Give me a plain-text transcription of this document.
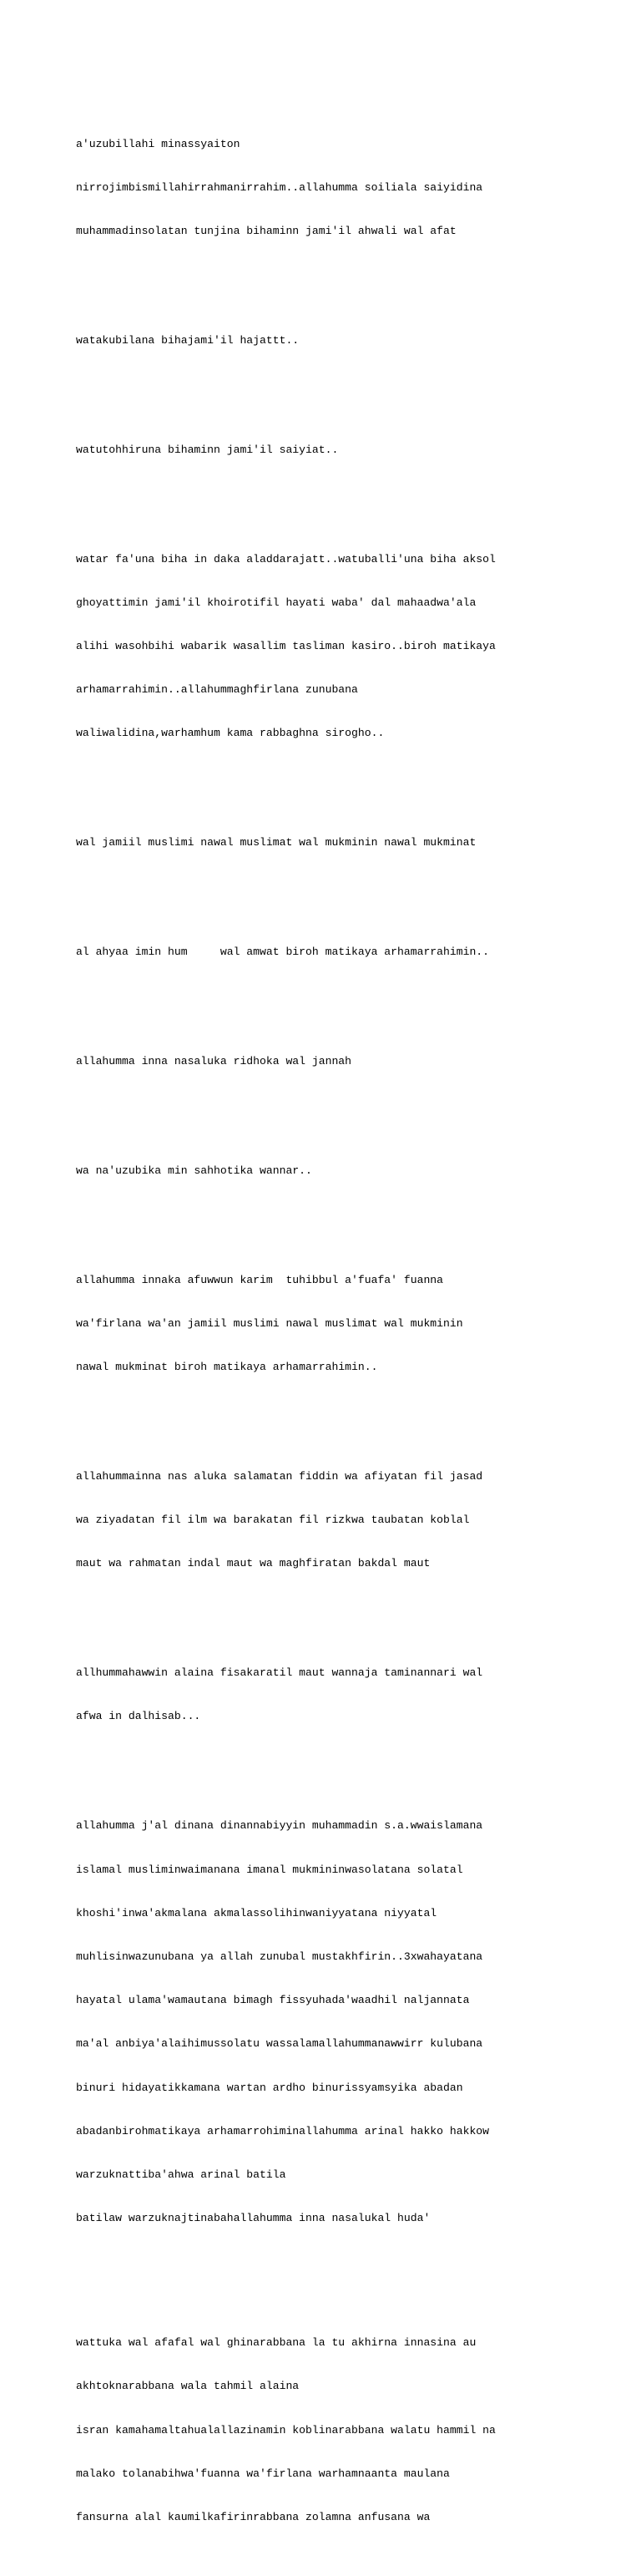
a'uzubillahi minassyaiton

nirrojimbismillahirrahmanirrahim..allahumma soiliala saiyidina

muhammadinsolatan tunjina bihaminn jami'il ahwali wal afat

watakubilana bihajami'il hajattt..

watutohhiruna bihaminn jami'il saiyiat..

watar fa'una biha in daka aladdarajatt..watuballi'una biha aksol

ghoyattimin jami'il khoirotifil hayati waba' dal mahaadwa'ala

alihi wasohbihi wabarik wasallim tasliman kasiro..biroh matikaya

arhamarrahimin..allahummaghfirlana zunubana

waliwalidina,warhamhum kama rabbaghna sirogho..

wal jamiil muslimi nawal muslimat wal mukminin nawal mukminat

al ahyaa imin hum     wal amwat biroh matikaya arhamarrahimin..

allahumma inna nasaluka ridhoka wal jannah

wa na'uzubika min sahhotika wannar..

allahumma innaka afuwwun karim  tuhibbul a'fuafa' fuanna

wa'firlana wa'an jamiil muslimi nawal muslimat wal mukminin

nawal mukminat biroh matikaya arhamarrahimin..

allahummainna nas aluka salamatan fiddin wa afiyatan fil jasad

wa ziyadatan fil ilm wa barakatan fil rizkwa taubatan koblal

maut wa rahmatan indal maut wa maghfiratan bakdal maut

allhummahawwin alaina fisakaratil maut wannaja taminannari wal

afwa in dalhisab...

allahumma j'al dinana dinannabiyyin muhammadin s.a.wwaislamana

islamal musliminwaimanana imanal mukmininwasolatana solatal

khoshi'inwa'akmalana akmalassolihinwaniyyatana niyyatal

muhlisinwazunubana ya allah zunubal mustakhfirin..3xwahayatana

hayatal ulama'wamautana bimagh fissyuhada'waadhil naljannata

ma'al anbiya'alaihimussolatu wassalamallahummanawwirr kulubana

binuri hidayatikkamana wartan ardho binurissyamsyika abadan

abadanbirohmatikaya arhamarrohiminallahumma arinal hakko hakkow

warzuknattiba'ahwa arinal batila

batilaw warzuknajtinabahallahumma inna nasalukal huda'

wattuka wal afafal wal ghinarabbana la tu akhirna innasina au

akhtoknarabbana wala tahmil alaina

isran kamahamaltahualallazinamin koblinarabbana walatu hammil na

malako tolanabihwa'fuanna wa'firlana warhamnaanta maulana

fansurna alal kaumilkafirinrabbana zolamna anfusana wa
